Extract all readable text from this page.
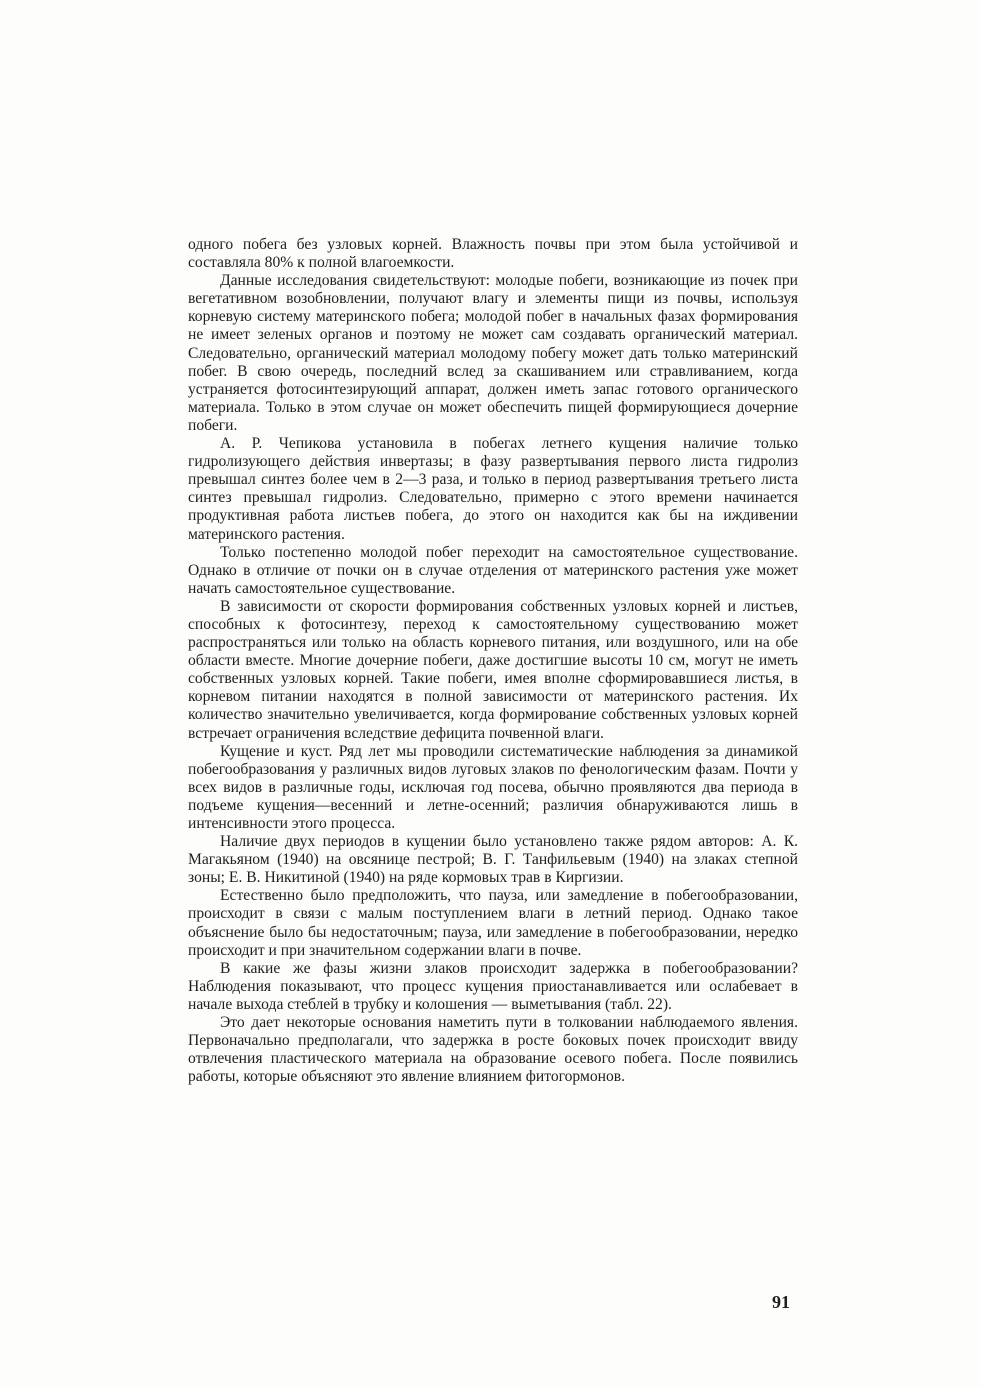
одного побега без узловых корней. Влажность почвы при этом была устойчивой и составляла 80% к полной влагоемкости.

Данные исследования свидетельствуют: молодые побеги, возникающие из почек при вегетативном возобновлении, получают влагу и элементы пищи из почвы, используя корневую систему материнского побега; молодой побег в начальных фазах формирования не имеет зеленых органов и поэтому не может сам создавать органический материал. Следовательно, органический материал молодому побегу может дать только материнский побег. В свою очередь, последний вслед за скашиванием или стравливанием, когда устраняется фотосинтезирующий аппарат, должен иметь запас готового органического материала. Только в этом случае он может обеспечить пищей формирующиеся дочерние побеги.

А. Р. Чепикова установила в побегах летнего кущения наличие только гидролизующего действия инвертазы; в фазу развертывания первого листа гидролиз превышал синтез более чем в 2—3 раза, и только в период развертывания третьего листа синтез превышал гидролиз. Следовательно, примерно с этого времени начинается продуктивная работа листьев побега, до этого он находится как бы на иждивении материнского растения.

Только постепенно молодой побег переходит на самостоятельное существование. Однако в отличие от почки он в случае отделения от материнского растения уже может начать самостоятельное существование.

В зависимости от скорости формирования собственных узловых корней и листьев, способных к фотосинтезу, переход к самостоятельному существованию может распространяться или только на область корневого питания, или воздушного, или на обе области вместе. Многие дочерние побеги, даже достигшие высоты 10 см, могут не иметь собственных узловых корней. Такие побеги, имея вполне сформировавшиеся листья, в корневом питании находятся в полной зависимости от материнского растения. Их количество значительно увеличивается, когда формирование собственных узловых корней встречает ограничения вследствие дефицита почвенной влаги.

Кущение и куст. Ряд лет мы проводили систематические наблюдения за динамикой побегообразования у различных видов луговых злаков по фенологическим фазам. Почти у всех видов в различные годы, исключая год посева, обычно проявляются два периода в подъеме кущения—весенний и летне-осенний; различия обнаруживаются лишь в интенсивности этого процесса.

Наличие двух периодов в кущении было установлено также рядом авторов: А. К. Магакьяном (1940) на овсянице пестрой; В. Г. Танфильевым (1940) на злаках степной зоны; Е. В. Никитиной (1940) на ряде кормовых трав в Киргизии.

Естественно было предположить, что пауза, или замедление в побегообразовании, происходит в связи с малым поступлением влаги в летний период. Однако такое объяснение было бы недостаточным; пауза, или замедление в побегообразовании, нередко происходит и при значительном содержании влаги в почве.

В какие же фазы жизни злаков происходит задержка в побегообразовании? Наблюдения показывают, что процесс кущения приостанавливается или ослабевает в начале выхода стеблей в трубку и колошения — выметывания (табл. 22).

Это дает некоторые основания наметить пути в толковании наблюдаемого явления. Первоначально предполагали, что задержка в росте боковых почек происходит ввиду отвлечения пластического материала на образование осевого побега. После появились работы, которые объясняют это явление влиянием фитогормонов.

91
